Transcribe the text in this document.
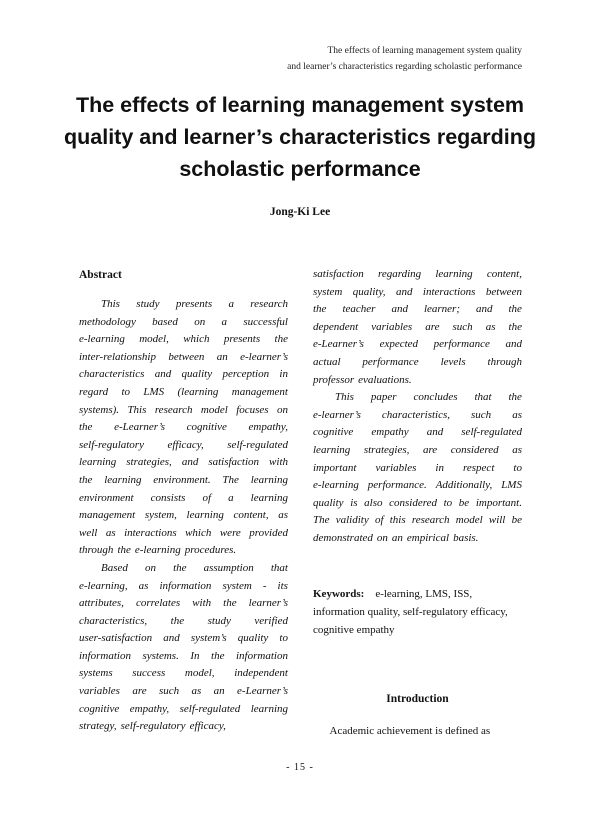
The effects of learning management system quality
and learner’s characteristics regarding scholastic performance
The effects of learning management system
quality and learner’s characteristics regarding
scholastic performance
Jong-Ki Lee
Abstract
This study presents a research
methodology based on a successful
e-learning model, which presents the
inter-relationship between an e-learner’s
characteristics and quality perception in
regard to LMS (learning management
systems). This research model focuses on
the e-Learner’s cognitive empathy,
self-regulatory efficacy, self-regulated
learning strategies, and satisfaction with
the learning environment. The learning
environment consists of a learning
management system, learning content, as
well as interactions which were provided
through the e-learning procedures.
Based on the assumption that
e-learning, as information system - its
attributes, correlates with the learner’s
characteristics, the study verified
user-satisfaction and system’s quality to
information systems. In the information
systems success model, independent
variables are such as an e-Learner’s
cognitive empathy, self-regulated learning
strategy, self-regulatory efficacy,
satisfaction regarding learning content,
system quality, and interactions between
the teacher and learner; and the
dependent variables are such as the
e-Learner’s expected performance and
actual performance levels through
professor evaluations.
This paper concludes that the
e-learner’s characteristics, such as
cognitive empathy and self-regulated
learning strategies, are considered as
important variables in respect to
e-learning performance. Additionally, LMS
quality is also considered to be important.
The validity of this research model will be
demonstrated on an empirical basis.
Keywords: e-learning, LMS, ISS, information quality, self-regulatory efficacy, cognitive empathy
Introduction
Academic achievement is defined as
- 15 -
